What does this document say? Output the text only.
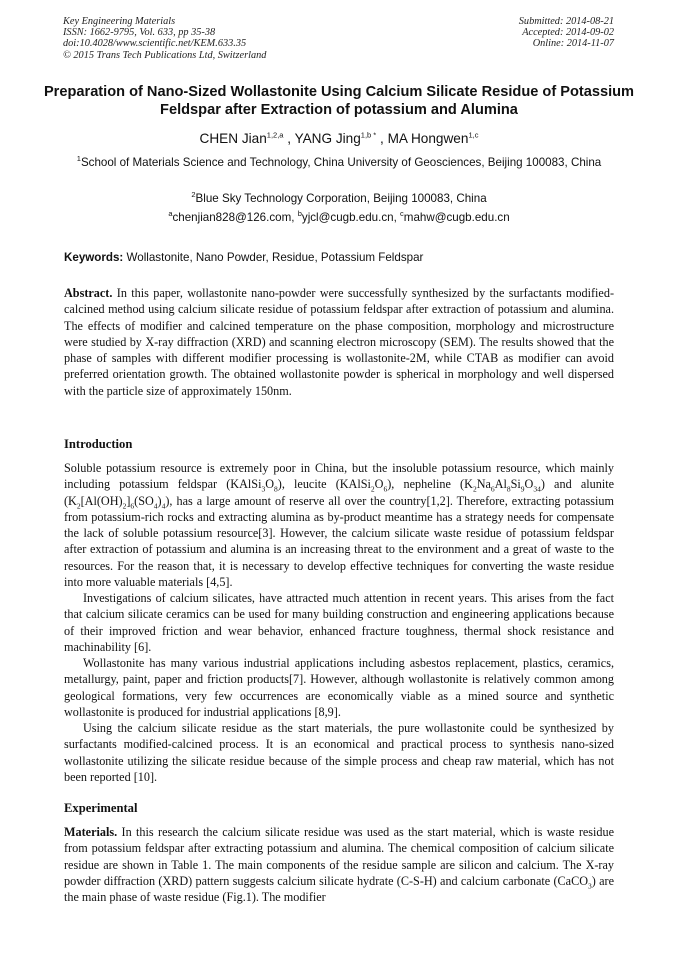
Key Engineering Materials
ISSN: 1662-9795, Vol. 633, pp 35-38
doi:10.4028/www.scientific.net/KEM.633.35
© 2015 Trans Tech Publications Ltd, Switzerland
Submitted: 2014-08-21
Accepted: 2014-09-02
Online: 2014-11-07
Preparation of Nano-Sized Wollastonite Using Calcium Silicate Residue of Potassium Feldspar after Extraction of potassium and Alumina

CHEN Jian$^{1,2,a}$ , YANG Jing$^{1,b *}$ , MA Hongwen$^{1,c}$

$^1$School of Materials Science and Technology, China University of Geosciences, Beijing 100083, China

$^2$Blue Sky Technology Corporation, Beijing 100083, China

$^a$chenjian828@126.com, $^b$yjcl@cugb.edu.cn, $^c$mahw@cugb.edu.cn

Keywords: Wollastonite, Nano Powder, Residue, Potassium Feldspar

Abstract. In this paper, wollastonite nano-powder were successfully synthesized by the surfactants modified-calcined method using calcium silicate residue of potassium feldspar after extraction of potassium and alumina. The effects of modifier and calcined temperature on the phase composition, morphology and microstructure were studied by X-ray diffraction (XRD) and scanning electron microscopy (SEM). The results showed that the phase of samples with different modifier processing is wollastonite-2M, while CTAB as modifier can avoid preferred orientation growth. The obtained wollastonite powder is spherical in morphology and well dispersed with the particle size of approximately 150nm.

Introduction

Soluble potassium resource is extremely poor in China, but the insoluble potassium resource, which mainly including potassium feldspar $(KAlSi_3O_8)$, leucite $(KAlSi_2O_6)$, nepheline $(K_2Na_6Al_8Si_9O_{34})$ and alunite $(K_2[Al(OH)_2]_6(SO_4)_4)$, has a large amount of reserve all over the country[1,2]. Therefore, extracting potassium from potassium-rich rocks and extracting alumina as by-product meantime has a strategy needs for compensate the lack of soluble potassium resource[3]. However, the calcium silicate waste residue of potassium feldspar after extraction of potassium and alumina is an increasing threat to the environment and a great of waste to the resources. For the reason that, it is necessary to develop effective techniques for converting the waste residue into more valuable materials [4,5].

Investigations of calcium silicates, have attracted much attention in recent years. This arises from the fact that calcium silicate ceramics can be used for many building construction and engineering applications because of their improved friction and wear behavior, enhanced fracture toughness, thermal shock resistance and machinability [6].

Wollastonite has many various industrial applications including asbestos replacement, plastics, ceramics, metallurgy, paint, paper and friction products[7]. However, although wollastonite is relatively common among geological formations, very few occurrences are economically viable as a mined source and synthetic wollastonite is produced for industrial applications [8,9].

Using the calcium silicate residue as the start materials, the pure wollastonite could be synthesized by surfactants modified-calcined process. It is an economical and practical process to synthesis nano-sized wollastonite utilizing the silicate residue because of the simple process and cheap raw material, which has not been reported [10].

Experimental

Materials. In this research the calcium silicate residue was used as the start material, which is waste residue from potassium feldspar after extracting potassium and alumina. The chemical composition of calcium silicate residue are shown in Table 1. The main components of the residue sample are silicon and calcium. The X-ray powder diffraction (XRD) pattern suggests calcium silicate hydrate (C-S-H) and calcium carbonate (CaCO$_3$) are the main phase of waste residue (Fig.1). The modifier
